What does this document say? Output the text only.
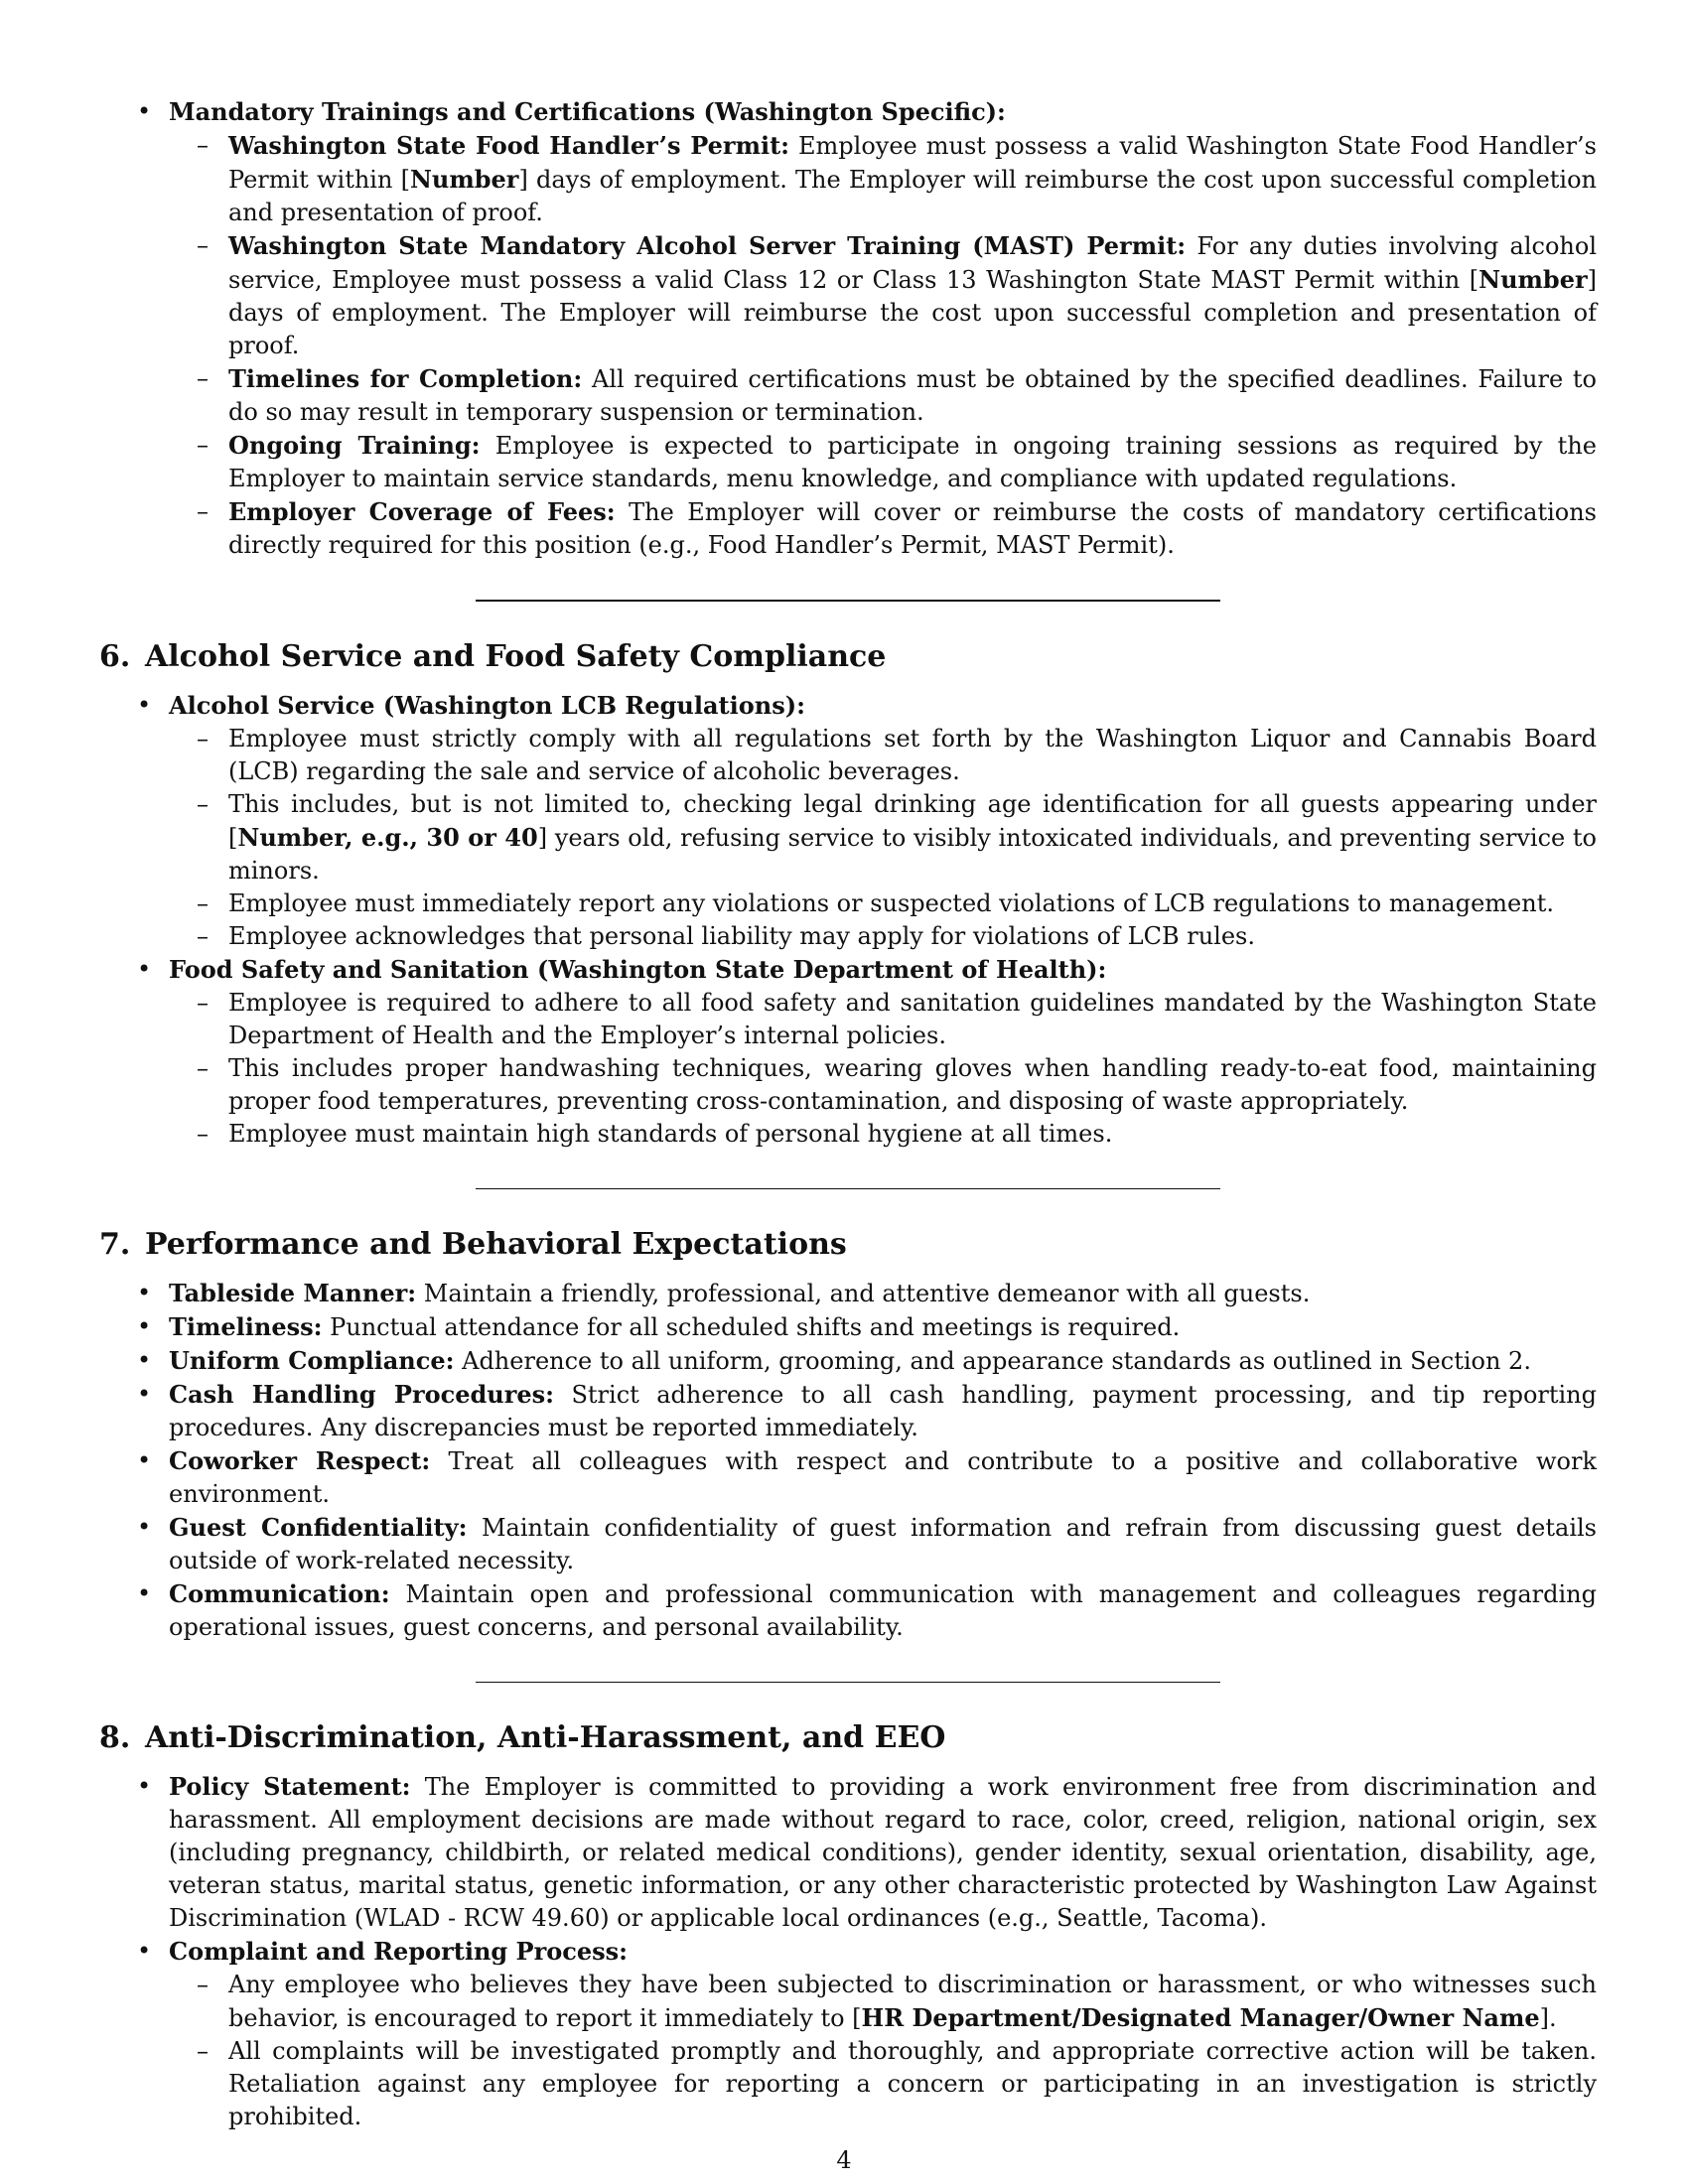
• Mandatory Trainings and Certifications (Washington Specific):
– Washington State Food Handler’s Permit: Employee must possess a valid Washington State Food Handler’s Permit within [Number] days of employment. The Employer will reimburse the cost upon successful completion and presentation of proof.
– Washington State Mandatory Alcohol Server Training (MAST) Permit: For any duties involving alcohol service, Employee must possess a valid Class 12 or Class 13 Washington State MAST Permit within [Number] days of employment. The Employer will reimburse the cost upon successful completion and presentation of proof.
– Timelines for Completion: All required certifications must be obtained by the specified deadlines. Failure to do so may result in temporary suspension or termination.
– Ongoing Training: Employee is expected to participate in ongoing training sessions as required by the Employer to maintain service standards, menu knowledge, and compliance with updated regulations.
– Employer Coverage of Fees: The Employer will cover or reimburse the costs of mandatory certifications directly required for this position (e.g., Food Handler’s Permit, MAST Permit).
6. Alcohol Service and Food Safety Compliance
• Alcohol Service (Washington LCB Regulations):
– Employee must strictly comply with all regulations set forth by the Washington Liquor and Cannabis Board (LCB) regarding the sale and service of alcoholic beverages.
– This includes, but is not limited to, checking legal drinking age identification for all guests appearing under [Number, e.g., 30 or 40] years old, refusing service to visibly intoxicated individuals, and preventing service to minors.
– Employee must immediately report any violations or suspected violations of LCB regulations to management.
– Employee acknowledges that personal liability may apply for violations of LCB rules.
• Food Safety and Sanitation (Washington State Department of Health):
– Employee is required to adhere to all food safety and sanitation guidelines mandated by the Washington State Department of Health and the Employer’s internal policies.
– This includes proper handwashing techniques, wearing gloves when handling ready-to-eat food, maintaining proper food temperatures, preventing cross-contamination, and disposing of waste appropriately.
– Employee must maintain high standards of personal hygiene at all times.
7. Performance and Behavioral Expectations
• Tableside Manner: Maintain a friendly, professional, and attentive demeanor with all guests.
• Timeliness: Punctual attendance for all scheduled shifts and meetings is required.
• Uniform Compliance: Adherence to all uniform, grooming, and appearance standards as outlined in Section 2.
• Cash Handling Procedures: Strict adherence to all cash handling, payment processing, and tip reporting procedures. Any discrepancies must be reported immediately.
• Coworker Respect: Treat all colleagues with respect and contribute to a positive and collaborative work environment.
• Guest Confidentiality: Maintain confidentiality of guest information and refrain from discussing guest details outside of work-related necessity.
• Communication: Maintain open and professional communication with management and colleagues regarding operational issues, guest concerns, and personal availability.
8. Anti-Discrimination, Anti-Harassment, and EEO
• Policy Statement: The Employer is committed to providing a work environment free from discrimination and harassment. All employment decisions are made without regard to race, color, creed, religion, national origin, sex (including pregnancy, childbirth, or related medical conditions), gender identity, sexual orientation, disability, age, veteran status, marital status, genetic information, or any other characteristic protected by Washington Law Against Discrimination (WLAD - RCW 49.60) or applicable local ordinances (e.g., Seattle, Tacoma).
• Complaint and Reporting Process:
– Any employee who believes they have been subjected to discrimination or harassment, or who witnesses such behavior, is encouraged to report it immediately to [HR Department/Designated Manager/Owner Name].
– All complaints will be investigated promptly and thoroughly, and appropriate corrective action will be taken. Retaliation against any employee for reporting a concern or participating in an investigation is strictly prohibited.
4
